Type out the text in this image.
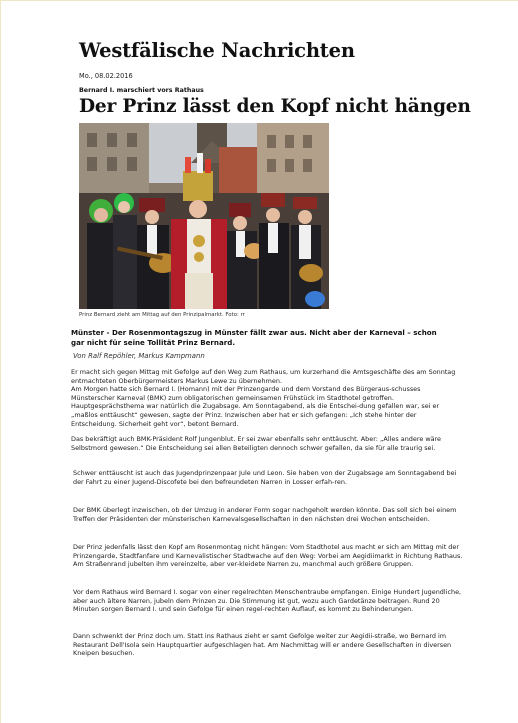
Westfälische Nachrichten
Mo., 08.02.2016
Bernard I. marschiert vors Rathaus
Der Prinz lässt den Kopf nicht hängen
Prinz Bernard zieht am Mittag auf den Prinzipalmarkt. Foto: rr

Münster - Der Rosenmontagszug in Münster fällt zwar aus. Nicht aber der Karneval – schon gar nicht für seine Tollität Prinz Bernard.

Von Ralf Repöhler, Markus Kampmann

Er macht sich gegen Mittag mit Gefolge auf den Weg zum Rathaus, um kurzerhand die Amtsgeschäfte des am Sonntag entmachteten Oberbürgermeisters Markus Lewe zu übernehmen.
Am Morgen hatte sich Bernard I. (Homann) mit der Prinzengarde und dem Vorstand des Bürgeraus-schusses Münsterscher Karneval (BMK) zum obligatorischen gemeinsamen Frühstück im Stadthotel getroffen. Hauptgesprächsthema war natürlich die Zugabsage. Am Sonntagabend, als die Entschei-dung gefallen war, sei er „maßlos enttäuscht“ gewesen, sagte der Prinz. Inzwischen aber hat er sich gefangen: „Ich stehe hinter der Entscheidung. Sicherheit geht vor“, betont Bernard.

Das bekräftigt auch BMK-Präsident Rolf Jungenblut. Er sei zwar ebenfalls sehr enttäuscht. Aber: „Alles andere wäre Selbstmord gewesen.“ Die Entscheidung sei allen Beteiligten dennoch schwer gefallen, da sie für alle traurig sei.

Schwer enttäuscht ist auch das Jugendprinzenpaar Jule und Leon. Sie haben von der Zugabsage am Sonntagabend bei der Fahrt zu einer Jugend-Discofete bei den befreundeten Narren in Losser erfah-ren.

Der BMK überlegt inzwischen, ob der Umzug in anderer Form sogar nachgeholt werden könnte. Das soll sich bei einem Treffen der Präsidenten der münsterischen Karnevalsgesellschaften in den nächsten drei Wochen entscheiden.

Der Prinz jedenfalls lässt den Kopf am Rosenmontag nicht hängen: Vom Stadthotel aus macht er sich am Mittag mit der Prinzengarde, Stadtfanfare und Karnevalistischer Stadtwache auf den Weg: Vorbei am Aegidiimarkt in Richtung Rathaus. Am Straßenrand jubelten ihm vereinzelte, aber ver-kleidete Narren zu, manchmal auch größere Gruppen.

Vor dem Rathaus wird Bernard I. sogar von einer regelrechten Menschentraube empfangen. Einige Hundert Jugendliche, aber auch ältere Narren, jubeln dem Prinzen zu. Die Stimmung ist gut, wozu auch Gardetänze beitragen. Rund 20 Minuten sorgen Bernard I. und sein Gefolge für einen regel-rechten Auflauf, es kommt zu Behinderungen.

Dann schwenkt der Prinz doch um. Statt ins Rathaus zieht er samt Gefolge weiter zur Aegidii-straße, wo Bernard im Restaurant Dell'Isola sein Hauptquartier aufgeschlagen hat. Am Nachmittag will er andere Gesellschaften in diversen Kneipen besuchen.
